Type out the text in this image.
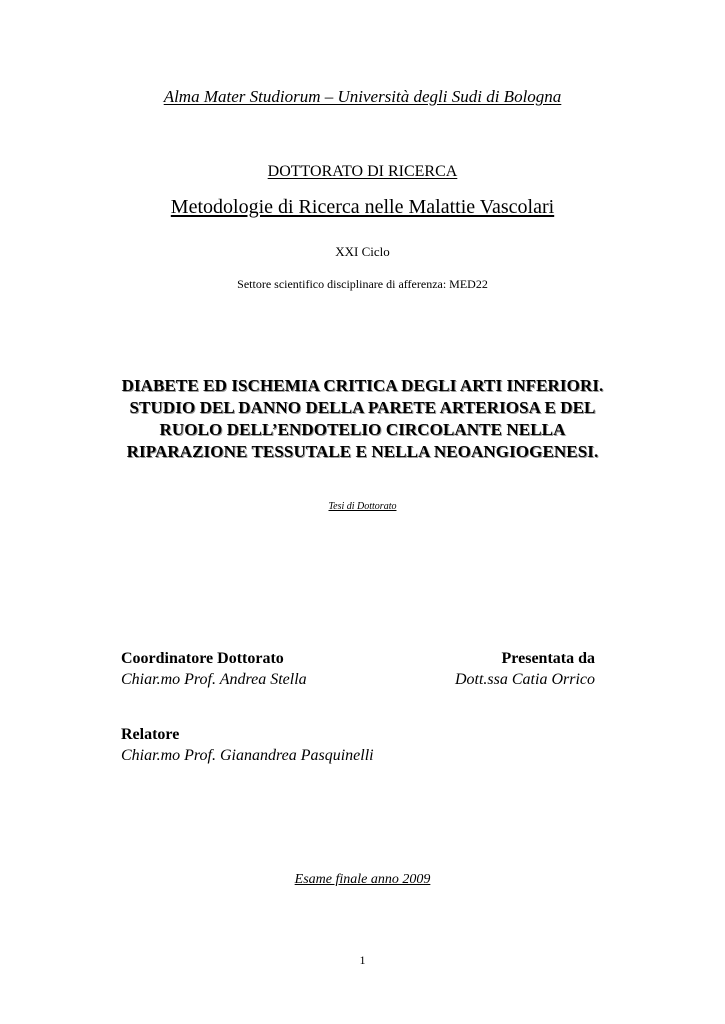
Alma Mater Studiorum – Università degli Sudi di Bologna

DOTTORATO DI RICERCA

Metodologie di Ricerca nelle Malattie Vascolari

XXI Ciclo

Settore scientifico disciplinare di afferenza: MED22

DIABETE ED ISCHEMIA CRITICA DEGLI ARTI INFERIORI.
STUDIO DEL DANNO DELLA PARETE ARTERIOSA E DEL
RUOLO DELL’ENDOTELIO CIRCOLANTE NELLA
RIPARAZIONE TESSUTALE E NELLA NEOANGIOGENESI.

Tesi di Dottorato

Coordinatore Dottorato
Chiar.mo Prof. Andrea Stella
Presentata da
Dott.ssa Catia Orrico
Relatore
Chiar.mo Prof. Gianandrea Pasquinelli

Esame finale anno 2009

1
